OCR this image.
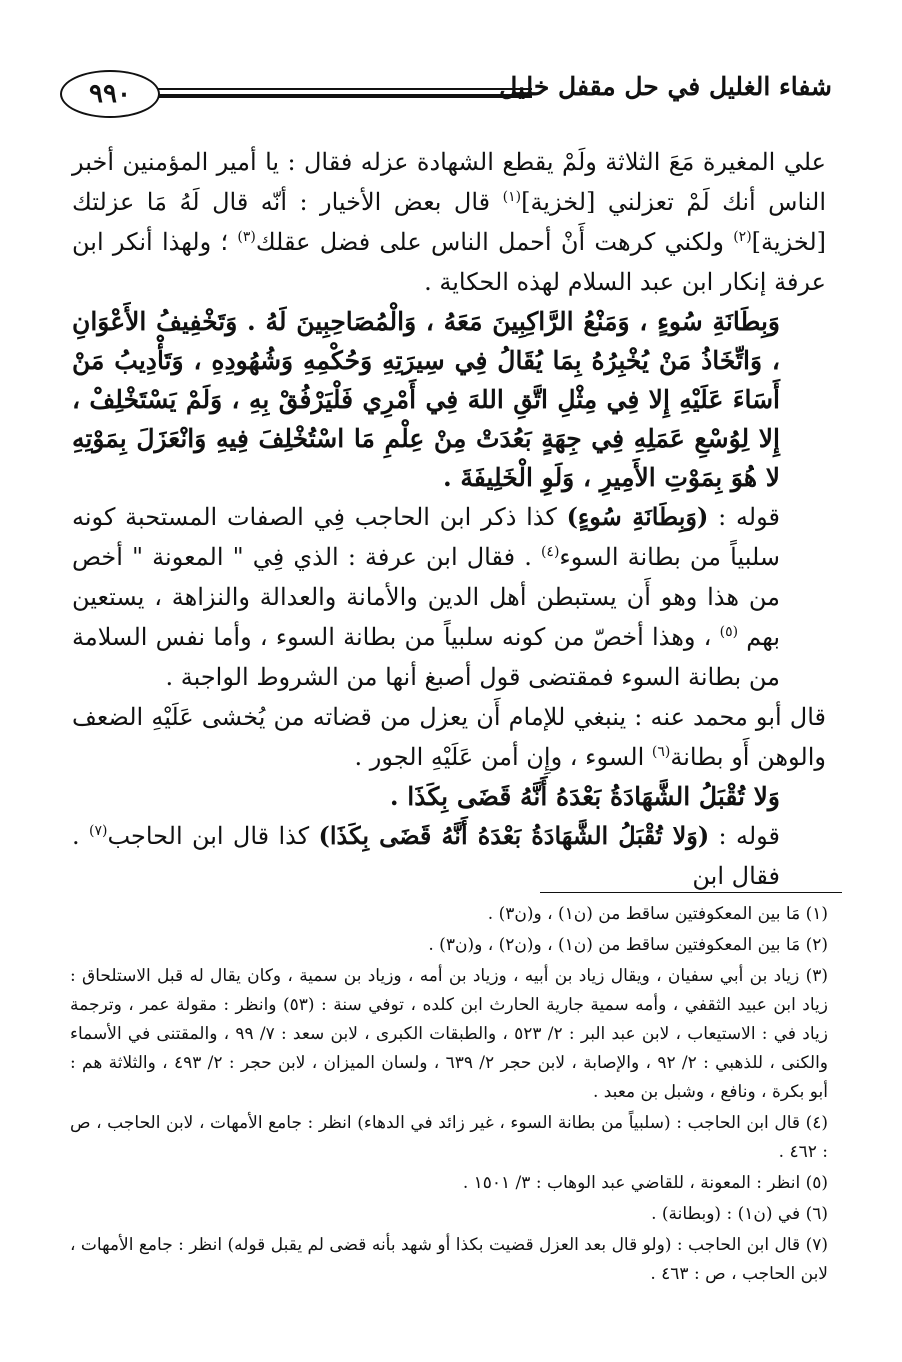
٩٩٠	شفاء الغليل في حل مقفل خليل

علي المغيرة مَعَ الثلاثة ولَمْ يقطع الشهادة عزله فقال : يا أمير المؤمنين أخبر الناس أنك لَمْ تعزلني [لخزية]$^{(١)}$ قال بعض الأخيار : أنّه قال لَهُ مَا عزلتك [لخزية]$^{(٢)}$ ولكني كرهت أَنْ أحمل الناس على فضل عقلك$^{(٣)}$ ؛ ولهذا أنكر ابن عرفة إنكار ابن عبد السلام لهذه الحكاية .

وَبِطَانَةِ سُوءٍ ، وَمَنْعُ الرَّاكِبِينَ مَعَهُ ، وَالْمُصَاحِبِينَ لَهُ . وَتَخْفِيفُ الأَعْوَانِ ، وَاتِّخَاذُ مَنْ يُخْبِرُهُ بِمَا يُقَالُ فِي سِيرَتِهِ وَحُكْمِهِ وَشُهُودِهِ ، وَتَأْدِيبُ مَنْ أَسَاءَ عَلَيْهِ إِلا فِي مِثْلِ اتَّقِ اللهَ فِي أَمْرِي فَلْيَرْفُقْ بِهِ ، وَلَمْ يَسْتَخْلِفْ ، إِلا لِوُسْعِ عَمَلِهِ فِي جِهَةٍ بَعُدَتْ مِنْ عِلْمِ مَا اسْتُخْلِفَ فِيهِ وَانْعَزَلَ بِمَوْتِهِ لا هُوَ بِمَوْتِ الأَمِيرِ ، وَلَوِ الْخَلِيفَةَ .

قوله : (وَبِطَانَةِ سُوءٍ) كذا ذكر ابن الحاجب فِي الصفات المستحبة كونه سلبياً من بطانة السوء$^{(٤)}$ . فقال ابن عرفة : الذي فِي " المعونة " أخص من هذا وهو أَن يستبطن أهل الدين والأمانة والعدالة والنزاهة ، يستعين بهم $^{(٥)}$ ، وهذا أخصّ من كونه سلبياً من بطانة السوء ، وأما نفس السلامة من بطانة السوء فمقتضى قول أصبغ أنها من الشروط الواجبة .

قال أبو محمد عنه : ينبغي للإمام أَن يعزل من قضاته من يُخشى عَلَيْهِ الضعف والوهن أَو بطانة$^{(٦)}$ السوء ، وإِن أمن عَلَيْهِ الجور .

وَلا تُقْبَلُ الشَّهَادَةُ بَعْدَهُ أَنَّهُ قَضَى بِكَذَا .

قوله : (وَلا تُقْبَلُ الشَّهَادَةُ بَعْدَهُ أَنَّهُ قَضَى بِكَذَا) كذا قال ابن الحاجب$^{(٧)}$ . فقال ابن

(١) مَا بين المعكوفتين ساقط من (ن١) ، و(ن٣) .

(٢) مَا بين المعكوفتين ساقط من (ن١) ، و(ن٢) ، و(ن٣) .

(٣) زياد بن أبي سفيان ، ويقال زياد بن أبيه ، وزياد بن أمه ، وزياد بن سمية ، وكان يقال له قبل الاستلحاق : زياد ابن عبيد الثقفي ، وأمه سمية جارية الحارث ابن كلده ، توفي سنة : (٥٣) وانظر : مقولة عمر ، وترجمة زياد في : الاستيعاب ، لابن عبد البر : ٢/ ٥٢٣ ، والطبقات الكبرى ، لابن سعد : ٧/ ٩٩ ، والمقتنى في الأسماء والكنى ، للذهبي : ٢/ ٩٢ ، والإصابة ، لابن حجر ٢/ ٦٣٩ ، ولسان الميزان ، لابن حجر : ٢/ ٤٩٣ ، والثلاثة هم : أبو بكرة ، ونافع ، وشبل بن معبد .

(٤) قال ابن الحاجب : (سلبياً من بطانة السوء ، غير زائد في الدهاء) انظر : جامع الأمهات ، لابن الحاجب ، ص : ٤٦٢ .

(٥) انظر : المعونة ، للقاضي عبد الوهاب : ٣/ ١٥٠١ .

(٦) في (ن١) : (وبطانة) .

(٧) قال ابن الحاجب : (ولو قال بعد العزل قضيت بكذا أو شهد بأنه قضى لم يقبل قوله) انظر : جامع الأمهات ، لابن الحاجب ، ص : ٤٦٣ .
